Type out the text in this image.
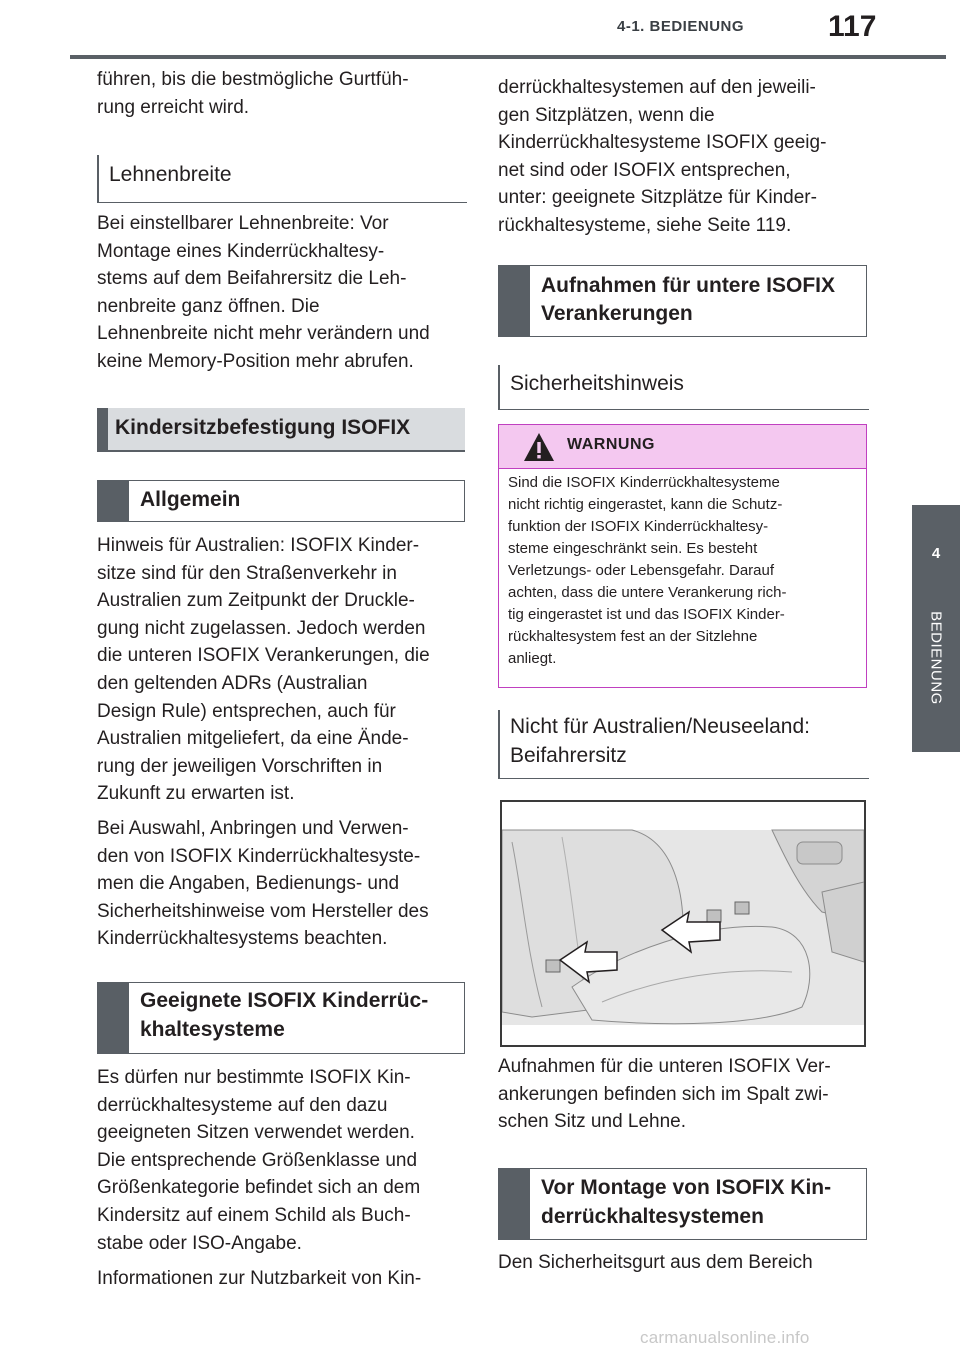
4-1. BEDIENUNG	117
4
BEDIENUNG
führen, bis die bestmögliche Gurtfüh-
rung erreicht wird.
Lehnenbreite
Bei einstellbarer Lehnenbreite: Vor
Montage eines Kinderrückhaltesy-
stems auf dem Beifahrersitz die Leh-
nenbreite ganz öffnen. Die
Lehnenbreite nicht mehr verändern und
keine Memory-Position mehr abrufen.
Kindersitzbefestigung ISOFIX
Allgemein
Hinweis für Australien: ISOFIX Kinder-
sitze sind für den Straßenverkehr in
Australien zum Zeitpunkt der Druckle-
gung nicht zugelassen. Jedoch werden
die unteren ISOFIX Verankerungen, die
den geltenden ADRs (Australian
Design Rule) entsprechen, auch für
Australien mitgeliefert, da eine Ände-
rung der jeweiligen Vorschriften in
Zukunft zu erwarten ist.
Bei Auswahl, Anbringen und Verwen-
den von ISOFIX Kinderrückhaltesyste-
men die Angaben, Bedienungs- und
Sicherheitshinweise vom Hersteller des
Kinderrückhaltesystems beachten.
Geeignete ISOFIX Kinderrüc-
khaltesysteme
Es dürfen nur bestimmte ISOFIX Kin-
derrückhaltesysteme auf den dazu
geeigneten Sitzen verwendet werden.
Die entsprechende Größenklasse und
Größenkategorie befindet sich an dem
Kindersitz auf einem Schild als Buch-
stabe oder ISO-Angabe.
Informationen zur Nutzbarkeit von Kin-
derrückhaltesystemen auf den jeweili-
gen Sitzplätzen, wenn die
Kinderrückhaltesysteme ISOFIX geeig-
net sind oder ISOFIX entsprechen,
unter: geeignete Sitzplätze für Kinder-
rückhaltesysteme, siehe Seite 119.
Aufnahmen für untere ISOFIX
Verankerungen
Sicherheitshinweis
WARNUNG
Sind die ISOFIX Kinderrückhaltesysteme
nicht richtig eingerastet, kann die Schutz-
funktion der ISOFIX Kinderrückhaltesy-
steme eingeschränkt sein. Es besteht
Verletzungs- oder Lebensgefahr. Darauf
achten, dass die untere Verankerung rich-
tig eingerastet ist und das ISOFIX Kinder-
rückhaltesystem fest an der Sitzlehne
anliegt.
Nicht für Australien/Neuseeland:
Beifahrersitz
Aufnahmen für die unteren ISOFIX Ver-
ankerungen befinden sich im Spalt zwi-
schen Sitz und Lehne.
Vor Montage von ISOFIX Kin-
derrückhaltesystemen
Den Sicherheitsgurt aus dem Bereich
carmanualsonline.info
